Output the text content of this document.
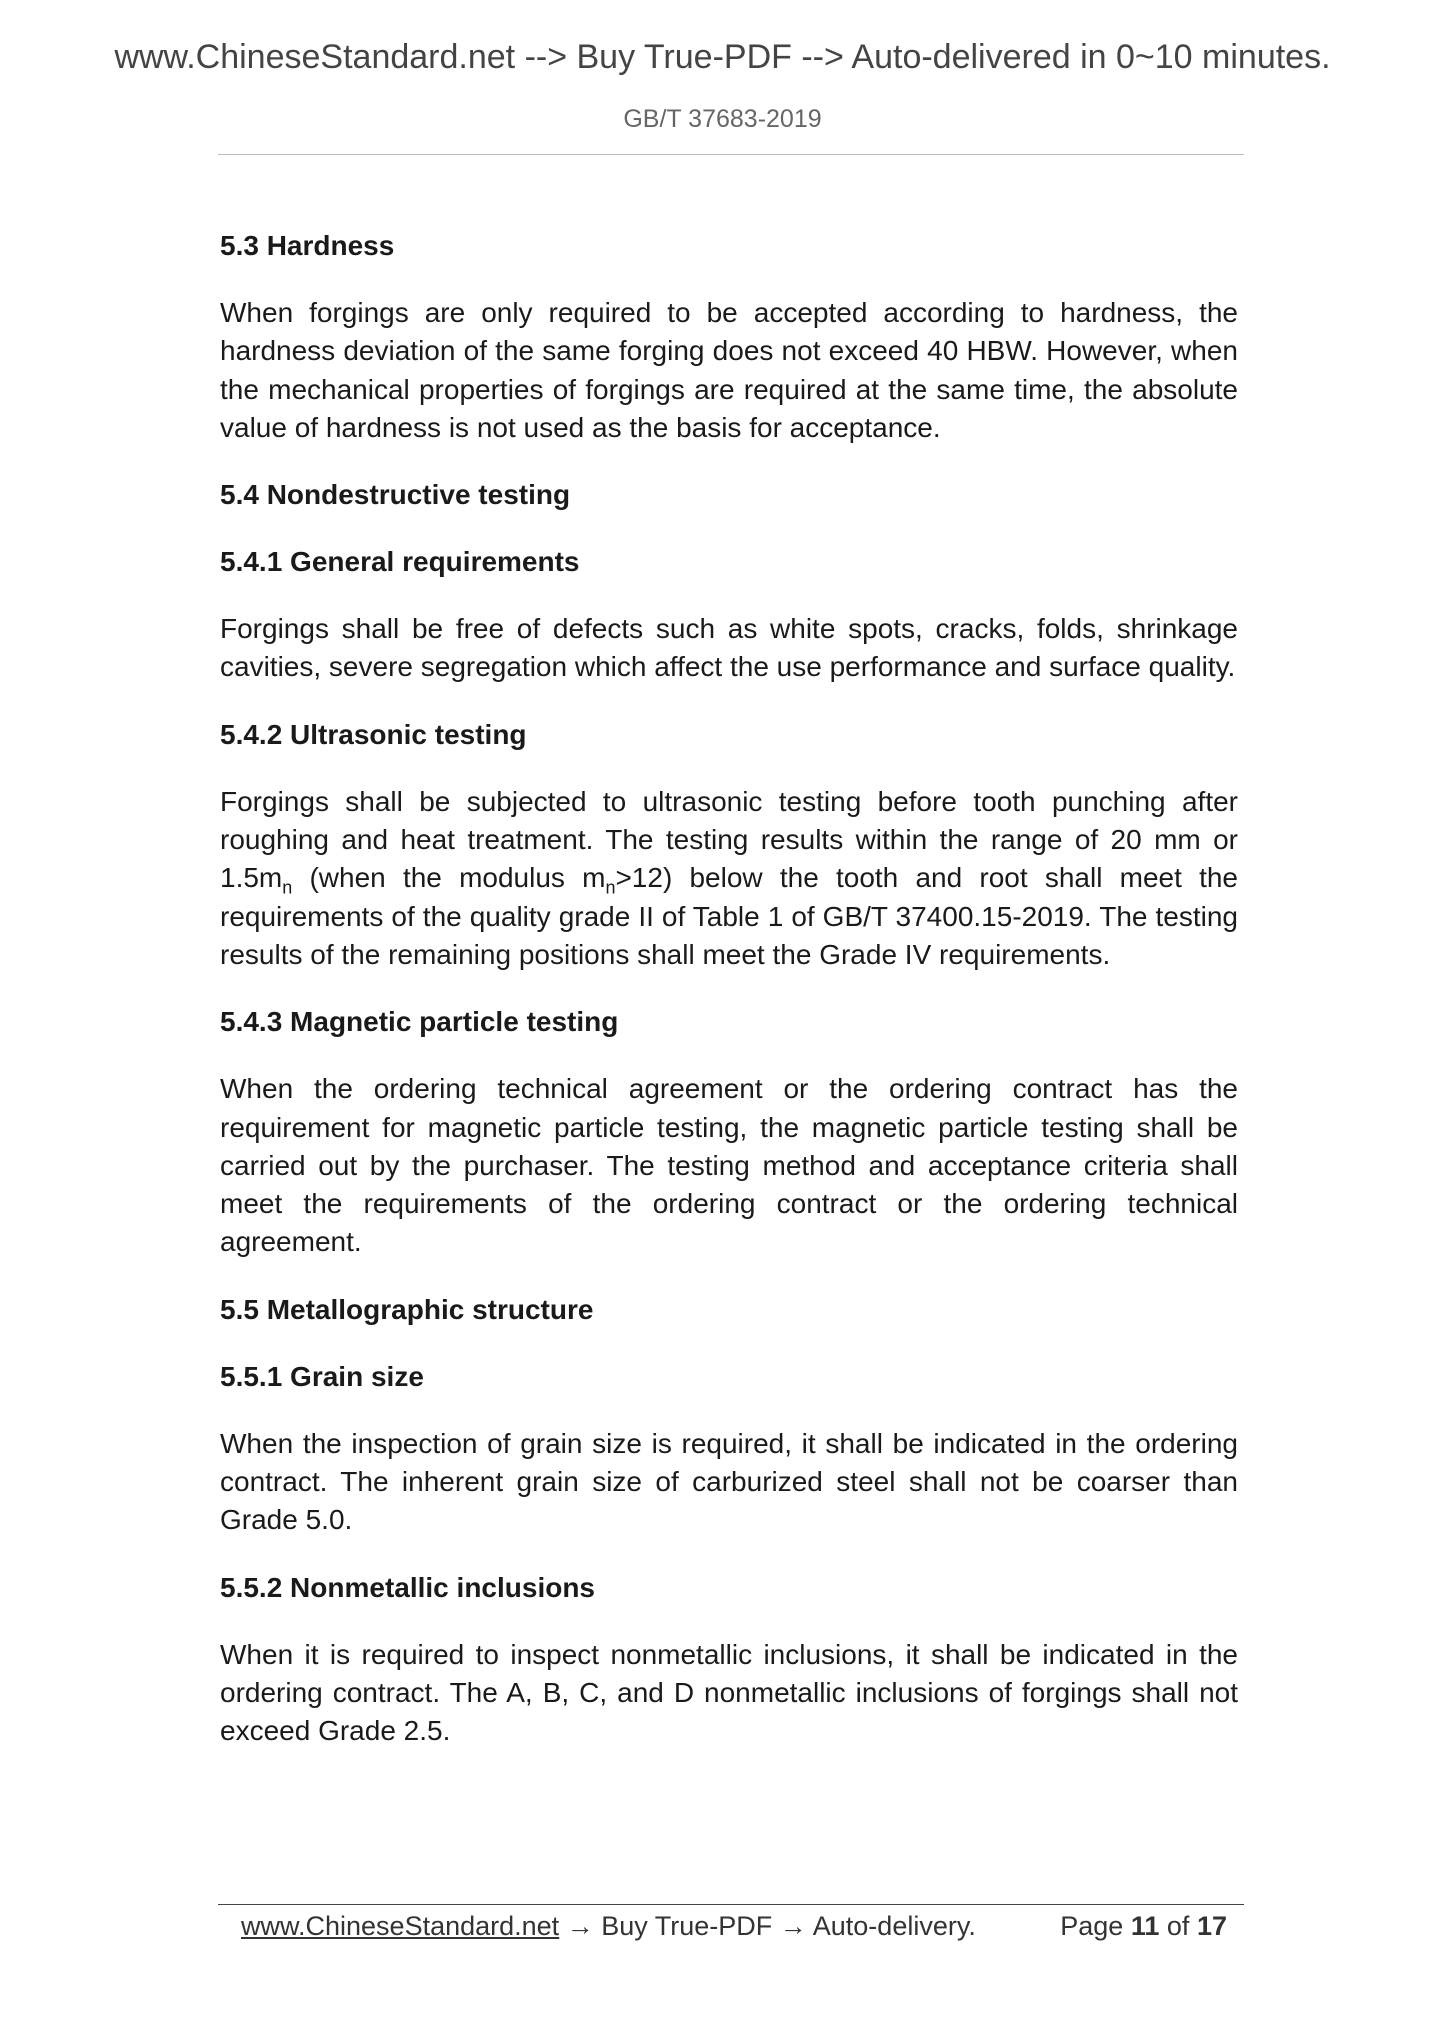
www.ChineseStandard.net --> Buy True-PDF --> Auto-delivered in 0~10 minutes.
GB/T 37683-2019
5.3 Hardness
When forgings are only required to be accepted according to hardness, the hardness deviation of the same forging does not exceed 40 HBW. However, when the mechanical properties of forgings are required at the same time, the absolute value of hardness is not used as the basis for acceptance.
5.4 Nondestructive testing
5.4.1 General requirements
Forgings shall be free of defects such as white spots, cracks, folds, shrinkage cavities, severe segregation which affect the use performance and surface quality.
5.4.2 Ultrasonic testing
Forgings shall be subjected to ultrasonic testing before tooth punching after roughing and heat treatment. The testing results within the range of 20 mm or $1.5m_n$ (when the modulus $m_n>12$) below the tooth and root shall meet the requirements of the quality grade II of Table 1 of GB/T 37400.15-2019. The testing results of the remaining positions shall meet the Grade IV requirements.
5.4.3 Magnetic particle testing
When the ordering technical agreement or the ordering contract has the requirement for magnetic particle testing, the magnetic particle testing shall be carried out by the purchaser. The testing method and acceptance criteria shall meet the requirements of the ordering contract or the ordering technical agreement.
5.5 Metallographic structure
5.5.1 Grain size
When the inspection of grain size is required, it shall be indicated in the ordering contract. The inherent grain size of carburized steel shall not be coarser than Grade 5.0.
5.5.2 Nonmetallic inclusions
When it is required to inspect nonmetallic inclusions, it shall be indicated in the ordering contract. The A, B, C, and D nonmetallic inclusions of forgings shall not exceed Grade 2.5.
www.ChineseStandard.net → Buy True-PDF → Auto-delivery.	Page 11 of 17
